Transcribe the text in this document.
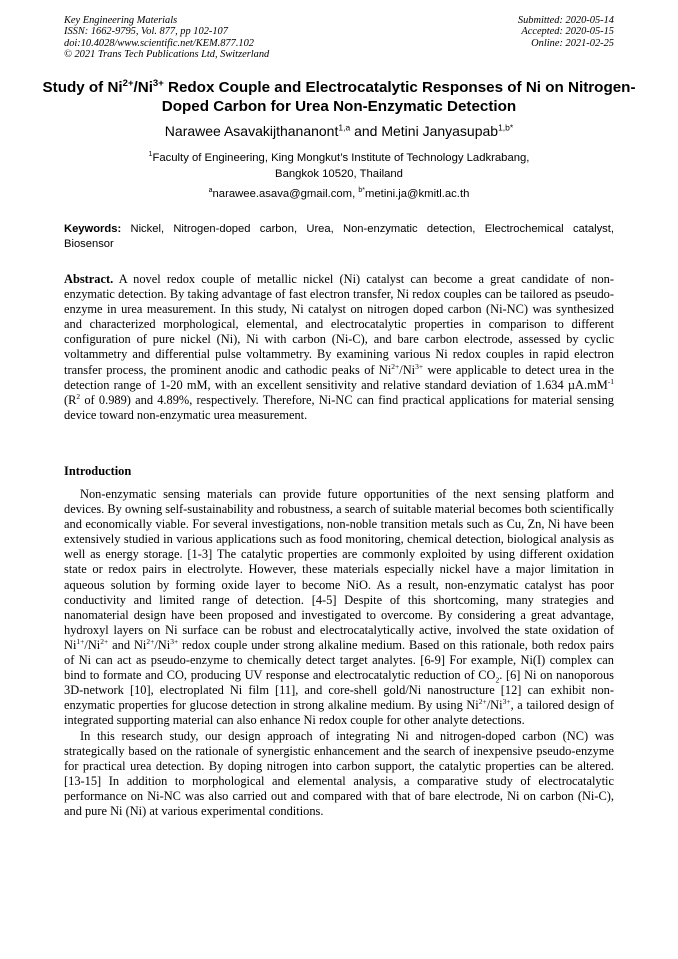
Key Engineering Materials
ISSN: 1662-9795, Vol. 877, pp 102-107
doi:10.4028/www.scientific.net/KEM.877.102
© 2021 Trans Tech Publications Ltd, Switzerland
Submitted: 2020-05-14
Accepted: 2020-05-15
Online: 2021-02-25
Study of $Ni^{2+}/Ni^{3+}$ Redox Couple and Electrocatalytic Responses of Ni on Nitrogen-Doped Carbon for Urea Non-Enzymatic Detection
Narawee Asavakijthananont$^{1,a}$ and Metini Janyasupab$^{1,b*}$
$^1$Faculty of Engineering, King Mongkut’s Institute of Technology Ladkrabang,
Bangkok 10520, Thailand
$^a$narawee.asava@gmail.com, $^{b*}$metini.ja@kmitl.ac.th
Keywords: Nickel, Nitrogen-doped carbon, Urea, Non-enzymatic detection, Electrochemical catalyst, Biosensor
Abstract. A novel redox couple of metallic nickel (Ni) catalyst can become a great candidate of non-enzymatic detection. By taking advantage of fast electron transfer, Ni redox couples can be tailored as pseudo-enzyme in urea measurement. In this study, Ni catalyst on nitrogen doped carbon (Ni-NC) was synthesized and characterized morphological, elemental, and electrocatalytic properties in comparison to different configuration of pure nickel (Ni), Ni with carbon (Ni-C), and bare carbon electrode, assessed by cyclic voltammetry and differential pulse voltammetry. By examining various Ni redox couples in rapid electron transfer process, the prominent anodic and cathodic peaks of $Ni^{2+}/Ni^{3+}$ were applicable to detect urea in the detection range of 1-20 mM, with an excellent sensitivity and relative standard deviation of 1.634 $\mu A.mM^{-1}$ ($R^2$ of 0.989) and 4.89%, respectively. Therefore, Ni-NC can find practical applications for material sensing device toward non-enzymatic urea measurement.
Introduction

Non-enzymatic sensing materials can provide future opportunities of the next sensing platform and devices. By owning self-sustainability and robustness, a search of suitable material becomes both scientifically and economically viable. For several investigations, non-noble transition metals such as Cu, Zn, Ni have been extensively studied in various applications such as food monitoring, chemical detection, biological analysis as well as energy storage. [1-3] The catalytic properties are commonly exploited by using different oxidation state or redox pairs in electrolyte. However, these materials especially nickel have a major limitation in aqueous solution by forming oxide layer to become NiO. As a result, non-enzymatic catalyst has poor conductivity and limited range of detection. [4-5] Despite of this shortcoming, many strategies and nanomaterial design have been proposed and investigated to overcome. By considering a great advantage, hydroxyl layers on Ni surface can be robust and electrocatalytically active, involved the state oxidation of $Ni^{1+}/Ni^{2+}$ and $Ni^{2+}/Ni^{3+}$ redox couple under strong alkaline medium. Based on this rationale, both redox pairs of Ni can act as pseudo-enzyme to chemically detect target analytes. [6-9] For example, Ni(I) complex can bind to formate and CO, producing UV response and electrocatalytic reduction of $CO_2$. [6] Ni on nanoporous 3D-network [10], electroplated Ni film [11], and core-shell gold/Ni nanostructure [12] can exhibit non-enzymatic properties for glucose detection in strong alkaline medium. By using $Ni^{2+}/Ni^{3+}$, a tailored design of integrated supporting material can also enhance Ni redox couple for other analyte detections.

In this research study, our design approach of integrating Ni and nitrogen-doped carbon (NC) was strategically based on the rationale of synergistic enhancement and the search of inexpensive pseudo-enzyme for practical urea detection. By doping nitrogen into carbon support, the catalytic properties can be altered. [13-15] In addition to morphological and elemental analysis, a comparative study of electrocatalytic performance on Ni-NC was also carried out and compared with that of bare electrode, Ni on carbon (Ni-C), and pure Ni (Ni) at various experimental conditions.
